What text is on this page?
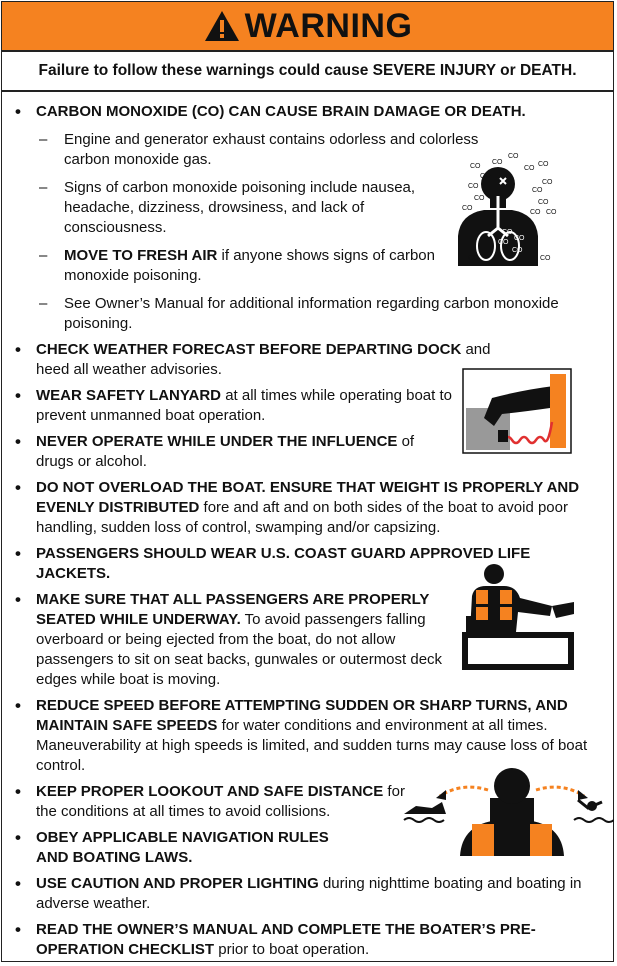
WARNING
Failure to follow these warnings could cause SEVERE INJURY or DEATH.
• CARBON MONOXIDE (CO) CAN CAUSE BRAIN DAMAGE OR DEATH.
– Engine and generator exhaust contains odorless and colorless carbon monoxide gas.
– Signs of carbon monoxide poisoning include nausea, headache, dizziness, drowsiness, and lack of consciousness.
– MOVE TO FRESH AIR if anyone shows signs of carbon monoxide poisoning.
– See Owner’s Manual for additional information regarding carbon monoxide poisoning.
• CHECK WEATHER FORECAST BEFORE DEPARTING DOCK and heed all weather advisories.
• WEAR SAFETY LANYARD at all times while operating boat to prevent unmanned boat operation.
• NEVER OPERATE WHILE UNDER THE INFLUENCE of drugs or alcohol.
• DO NOT OVERLOAD THE BOAT. ENSURE THAT WEIGHT IS PROPERLY AND EVENLY DISTRIBUTED fore and aft and on both sides of the boat to avoid poor handling, sudden loss of control, swamping and/or capsizing.
• PASSENGERS SHOULD WEAR U.S. COAST GUARD APPROVED LIFE JACKETS.
• MAKE SURE THAT ALL PASSENGERS ARE PROPERLY SEATED WHILE UNDERWAY. To avoid passengers falling overboard or being ejected from the boat, do not allow passengers to sit on seat backs, gunwales or outermost deck edges while boat is moving.
• REDUCE SPEED BEFORE ATTEMPTING SUDDEN OR SHARP TURNS, AND MAINTAIN SAFE SPEEDS for water conditions and environment at all times. Maneuverability at high speeds is limited, and sudden turns may cause loss of boat control.
• KEEP PROPER LOOKOUT AND SAFE DISTANCE for the conditions at all times to avoid collisions.
• OBEY APPLICABLE NAVIGATION RULES AND BOATING LAWS.
• USE CAUTION AND PROPER LIGHTING during nighttime boating and boating in adverse weather.
• READ THE OWNER’S MANUAL AND COMPLETE THE BOATER’S PRE-OPERATION CHECKLIST prior to boat operation.
CO
CO	CO
CO	CO
CO
CO
CO
CO
CO
CO
CO
CO
CO
CO
CO
CO
CO
CO	CO
